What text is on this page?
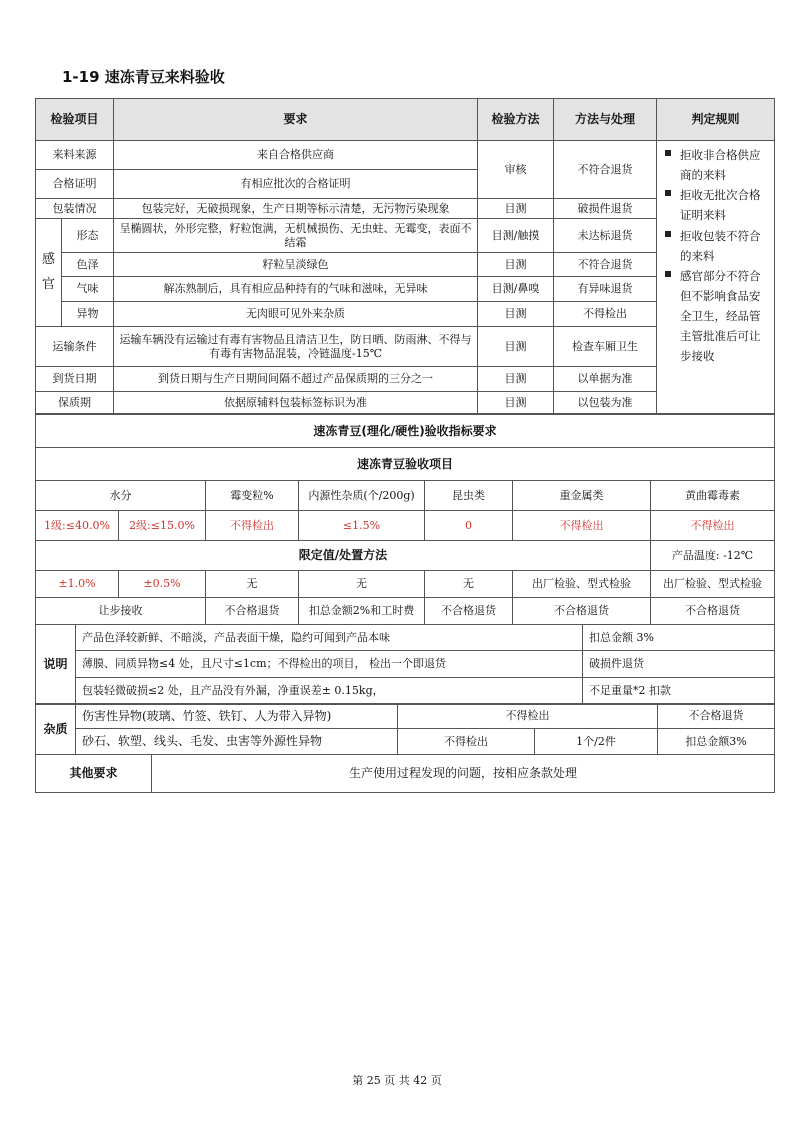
1-19 速冻青豆来料验收
检验项目		要求	检验方法	方法与处理	判定规则
来料来源		来自合格供应商	审核	不符合退货	拒收非合格供应商的来料
拒收无批次合格证明来料
拒收包装不符合的来料
感官部分不符合但不影响食品安全卫生，经品管主管批准后可让步接收

合格证明		有相应批次的合格证明			
包装情况		包装完好，无破损现象，生产日期等标示清楚，无污物污染现象	目测	破损件退货	
感官	形态	呈椭圆状，外形完整，籽粒饱满，无机械损伤、无虫蛀、无霉变，表面不结霜	目测/触摸	未达标退货	
	色泽	籽粒呈淡绿色	目测	不符合退货	
	气味	解冻熟制后，具有相应品种持有的气味和滋味，无异味	目测/鼻嗅	有异味退货	
	异物	无肉眼可见外来杂质	目测	不得检出	
运输条件		运输车辆没有运输过有毒有害物品且清洁卫生，防日晒、防雨淋、不得与有毒有害物品混装，冷链温度-15℃	目测	检查车厢卫生	
到货日期		到货日期与生产日期间间隔不超过产品保质期的三分之一	目测	以单据为准	
保质期		依据原辅料包装标签标识为准	目测	以包装为准	
速冻青豆(理化/硬性)验收指标要求						
速冻青豆验收项目						
水分		霉变粒%	内源性杂质(个/200g)	昆虫类	重金属类	黄曲霉毒素
1级:≤40.0%	2级:≤15.0%	不得检出	≤1.5%	0	不得检出	不得检出
限定值/处置方法						产品温度: -12℃
±1.0%	±0.5%	无	无	无	出厂检验、型式检验	出厂检验、型式检验
让步接收		不合格退货	扣总金额2%和工时费	不合格退货	不合格退货	不合格退货
说明	产品色泽较新鲜、不暗淡，产品表面干燥，隐约可闻到产品本味	扣总金额 3%
	薄膜、同质异物≤4 处，且尺寸≤1cm；不得检出的项目， 检出一个即退货	破损件退货
	包装轻微破损≤2 处，且产品没有外漏，净重误差± 0.15kg，	不足重量*2 扣款
杂质	伤害性异物(玻璃、竹签、铁钉、人为带入异物)	不得检出		不合格退货
	砂石、软塑、线头、毛发、虫害等外源性异物	不得检出	1个/2件	扣总金额3%
其他要求	生产使用过程发现的问题，按相应条款处理
第 25 页 共 42 页
